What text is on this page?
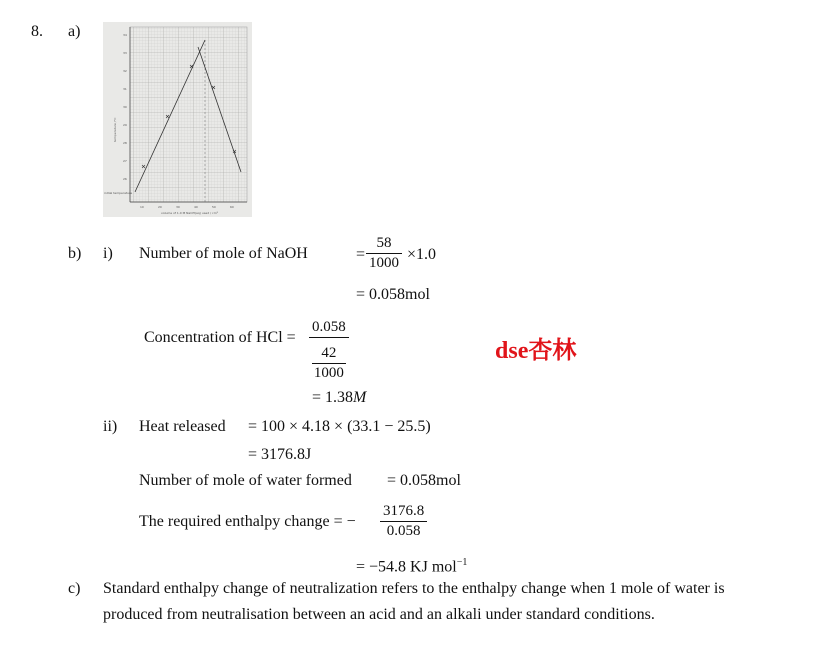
8. a)	34
33
32
31
30
29
28
27
26
10	20	30	40	50	60
volume of 1.0 M NaOH(aq) used / cm³
initial temperature
temperature /°C
b) i) Number of mole of NaOH	= $\frac{58}{1000} \times 1.0$
= 0.058mol
Concentration of HCl = 0.058
42
1000
= 1.38M
dse杏林
ii) Heat released = 100 × 4.18 × (33.1 − 25.5)
= 3176.8J
Number of mole of water formed = 0.058mol
The required enthalpy change = − $\frac{3176.8}{0.058}$
= −54.8 KJ mol$^{-1}$
c) Standard enthalpy change of neutralization refers to the enthalpy change when 1 mole of water is
produced from neutralisation between an acid and an alkali under standard conditions.
